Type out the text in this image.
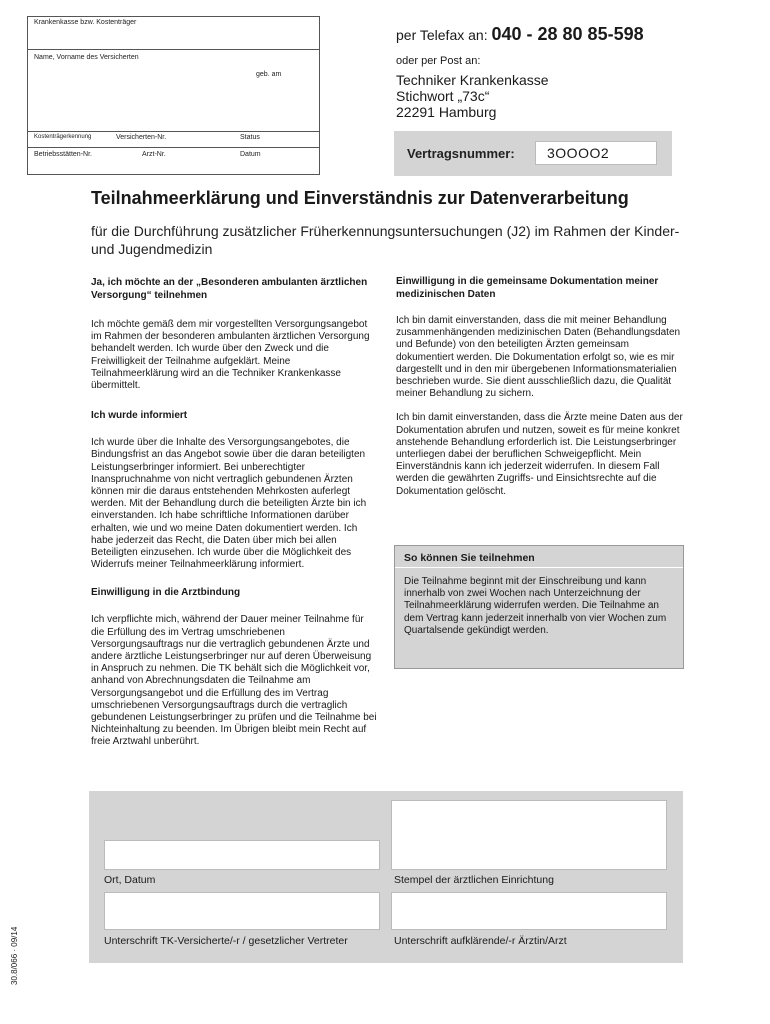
Krankenkasse bzw. Kostenträger
Name, Vorname des Versicherten
geb. am
Kostenträgerkennung	Versicherten-Nr.	Status
Betriebsstätten-Nr.	Arzt-Nr.	Datum
per Telefax an: 040 - 28 80 85-598
oder per Post an:
Techniker Krankenkasse
Stichwort „73c“
22291 Hamburg
Vertragsnummer:	3OOOO2
Teilnahmeerklärung und Einverständnis zur Datenverarbeitung
für die Durchführung zusätzlicher Früherkennungsuntersuchungen (J2) im Rahmen der Kinder- und Jugendmedizin
Ja, ich möchte an der „Besonderen ambulanten ärztlichen Versorgung“ teilnehmen
Ich möchte gemäß dem mir vorgestellten Versorgungsangebot im Rahmen der besonderen ambulanten ärztlichen Versorgung behandelt werden. Ich wurde über den Zweck und die Freiwilligkeit der Teilnahme aufgeklärt. Meine Teilnahmeerklärung wird an die Techniker Krankenkasse übermittelt.
Ich wurde informiert
Ich wurde über die Inhalte des Versorgungsangebotes, die Bindungsfrist an das Angebot sowie über die daran beteiligten Leistungserbringer informiert. Bei unberechtigter Inanspruchnahme von nicht vertraglich gebundenen Ärzten können mir die daraus entstehenden Mehrkosten auferlegt werden. Mit der Behandlung durch die beteiligten Ärzte bin ich einverstanden. Ich habe schriftliche Informationen darüber erhalten, wie und wo meine Daten dokumentiert werden. Ich habe jederzeit das Recht, die Daten über mich bei allen Beteiligten einzusehen. Ich wurde über die Möglichkeit des Widerrufs meiner Teilnahmeerklärung informiert.
Einwilligung in die Arztbindung
Ich verpflichte mich, während der Dauer meiner Teilnahme für die Erfüllung des im Vertrag umschriebenen Versorgungsauftrags nur die vertraglich gebundenen Ärzte und andere ärztliche Leistungserbringer nur auf deren Überweisung in Anspruch zu nehmen. Die TK behält sich die Möglichkeit vor, anhand von Abrechnungsdaten die Teilnahme am Versorgungsangebot und die Erfüllung des im Vertrag umschriebenen Versorgungsauftrags durch die vertraglich gebundenen Leistungserbringer zu prüfen und die Teilnahme bei Nichteinhaltung zu beenden. Im Übrigen bleibt mein Recht auf freie Arztwahl unberührt.
Einwilligung in die gemeinsame Dokumentation meiner medizinischen Daten
Ich bin damit einverstanden, dass die mit meiner Behandlung zusammenhängenden medizinischen Daten (Behandlungsdaten und Befunde) von den beteiligten Ärzten gemeinsam dokumentiert werden. Die Dokumentation erfolgt so, wie es mir dargestellt und in den mir übergebenen Informationsmaterialien beschrieben wurde. Sie dient ausschließlich dazu, die Qualität meiner Behandlung zu sichern.
Ich bin damit einverstanden, dass die Ärzte meine Daten aus der Dokumentation abrufen und nutzen, soweit es für meine konkret anstehende Behandlung erforderlich ist. Die Leistungserbringer unterliegen dabei der beruflichen Schweigepflicht. Mein Einverständnis kann ich jederzeit widerrufen. In diesem Fall werden die gewährten Zugriffs- und Einsichtsrechte auf die Dokumentation gelöscht.
So können Sie teilnehmen
Die Teilnahme beginnt mit der Einschreibung und kann innerhalb von zwei Wochen nach Unterzeichnung der Teilnahmeerklärung widerrufen werden. Die Teilnahme an dem Vertrag kann jederzeit innerhalb von vier Wochen zum Quartalsende gekündigt werden.
Ort, Datum	Stempel der ärztlichen Einrichtung
Unterschrift TK-Versicherte/-r / gesetzlicher Vertreter	Unterschrift aufklärende/-r Ärztin/Arzt
30.8/066 · 09/14
